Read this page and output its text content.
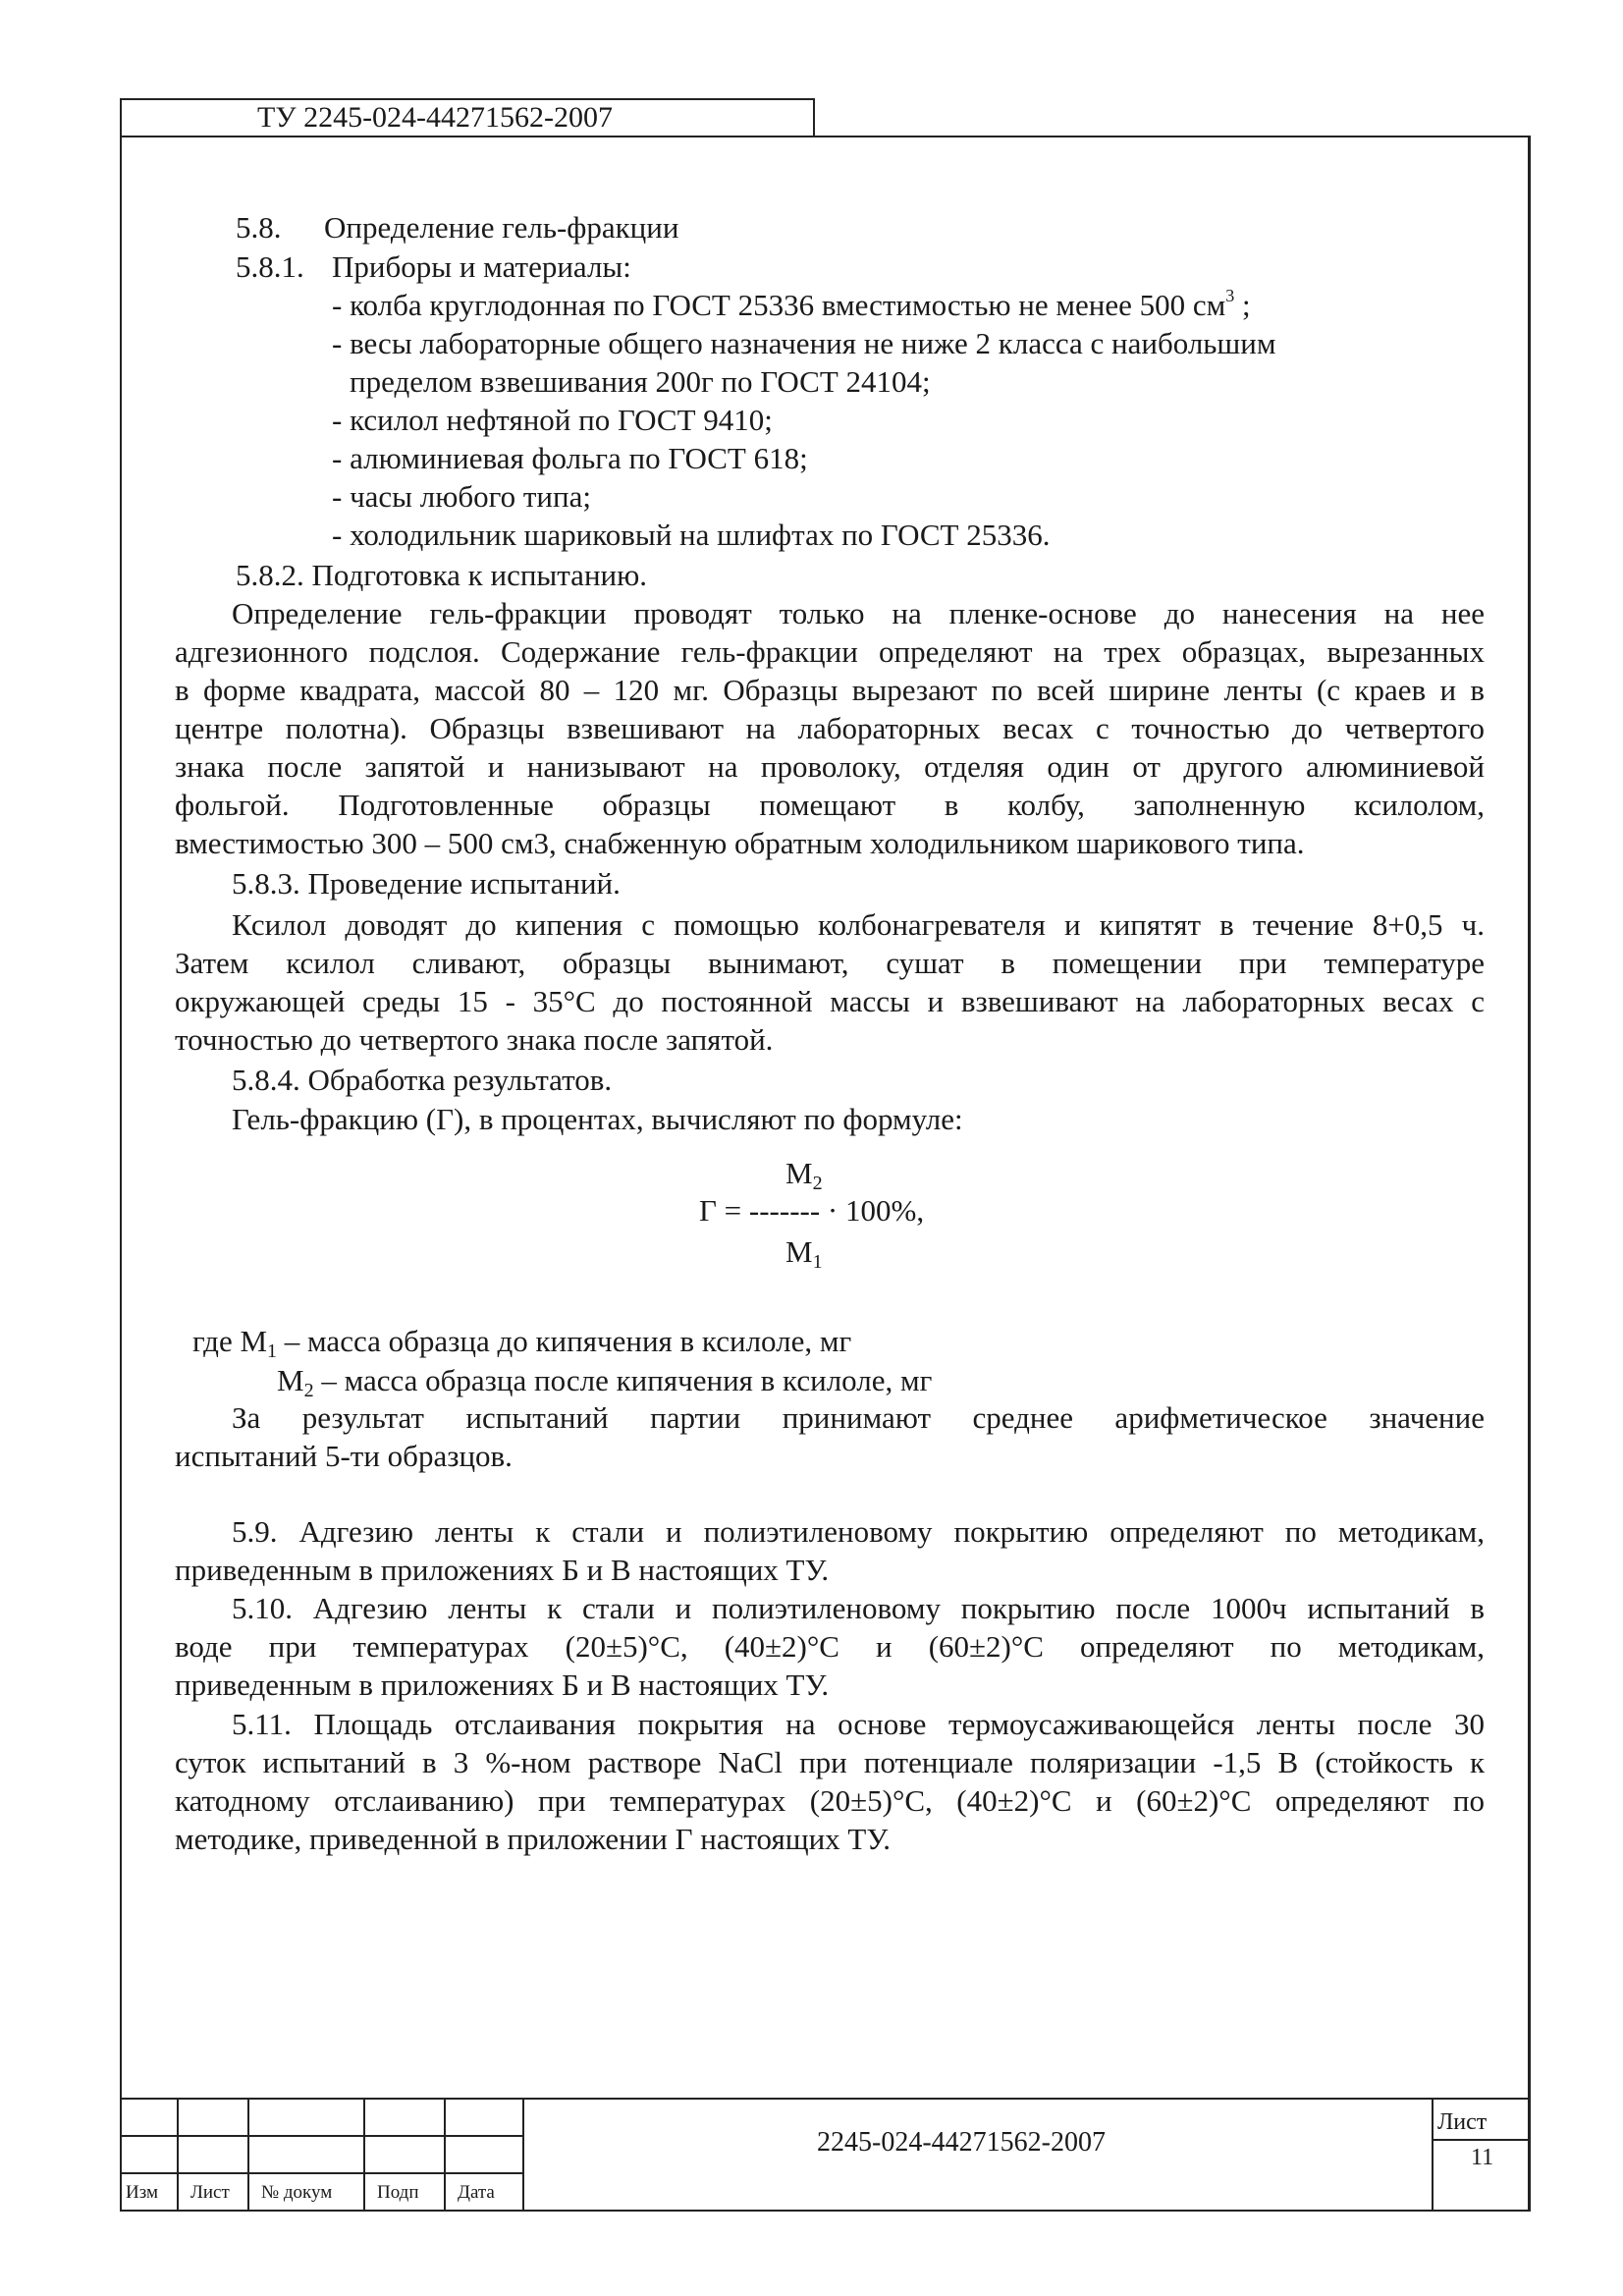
ТУ 2245-024-44271562-2007
5.8. Определение гель-фракции
5.8.1. Приборы и материалы:
- колба круглодонная по ГОСТ 25336 вместимостью не менее 500 $см^3$ ;
- весы лабораторные общего назначения не ниже 2 класса с наибольшим
пределом взвешивания 200г по ГОСТ 24104;
- ксилол нефтяной по ГОСТ 9410;
- алюминиевая фольга по ГОСТ 618;
- часы любого типа;
- холодильник шариковый на шлифтах по ГОСТ 25336.
5.8.2. Подготовка к испытанию.
Определение гель-фракции проводят только на пленке-основе до нанесения на нее
адгезионного подслоя. Содержание гель-фракции определяют на трех образцах, вырезанных
в форме квадрата, массой 80 – 120 мг. Образцы вырезают по всей ширине ленты (с краев и в
центре полотна). Образцы взвешивают на лабораторных весах с точностью до четвертого
знака после запятой и нанизывают на проволоку, отделяя один от другого алюминиевой
фольгой. Подготовленные образцы помещают в колбу, заполненную ксилолом,
вместимостью 300 – 500 см3, снабженную обратным холодильником шарикового типа.
5.8.3. Проведение испытаний.
Ксилол доводят до кипения с помощью колбонагревателя и кипятят в течение 8+0,5 ч.
Затем ксилол сливают, образцы вынимают, сушат в помещении при температуре
окружающей среды 15 - 35°С до постоянной массы и взвешивают на лабораторных весах с
точностью до четвертого знака после запятой.
5.8.4. Обработка результатов.
Гель-фракцию (Г), в процентах, вычисляют по формуле:
$М_2$
Г = ------- · 100%,
$М_1$
где $М_1$ – масса образца до кипячения в ксилоле, мг
$М_2$ – масса образца после кипячения в ксилоле, мг
За результат испытаний партии принимают среднее арифметическое значение
испытаний 5-ти образцов.
5.9. Адгезию ленты к стали и полиэтиленовому покрытию определяют по методикам,
приведенным в приложениях Б и В настоящих ТУ.
5.10. Адгезию ленты к стали и полиэтиленовому покрытию после 1000ч испытаний в
воде при температурах (20±5)°С, (40±2)°С и (60±2)°С определяют по методикам,
приведенным в приложениях Б и В настоящих ТУ.
5.11. Площадь отслаивания покрытия на основе термоусаживающейся ленты после 30
суток испытаний в 3 %-ном растворе NaCl при потенциале поляризации -1,5 В (стойкость к
катодному отслаиванию) при температурах (20±5)°С, (40±2)°С и (60±2)°С определяют по
методике, приведенной в приложении Г настоящих ТУ.
Изм Лист № докум Подп Дата
2245-024-44271562-2007
Лист
11
